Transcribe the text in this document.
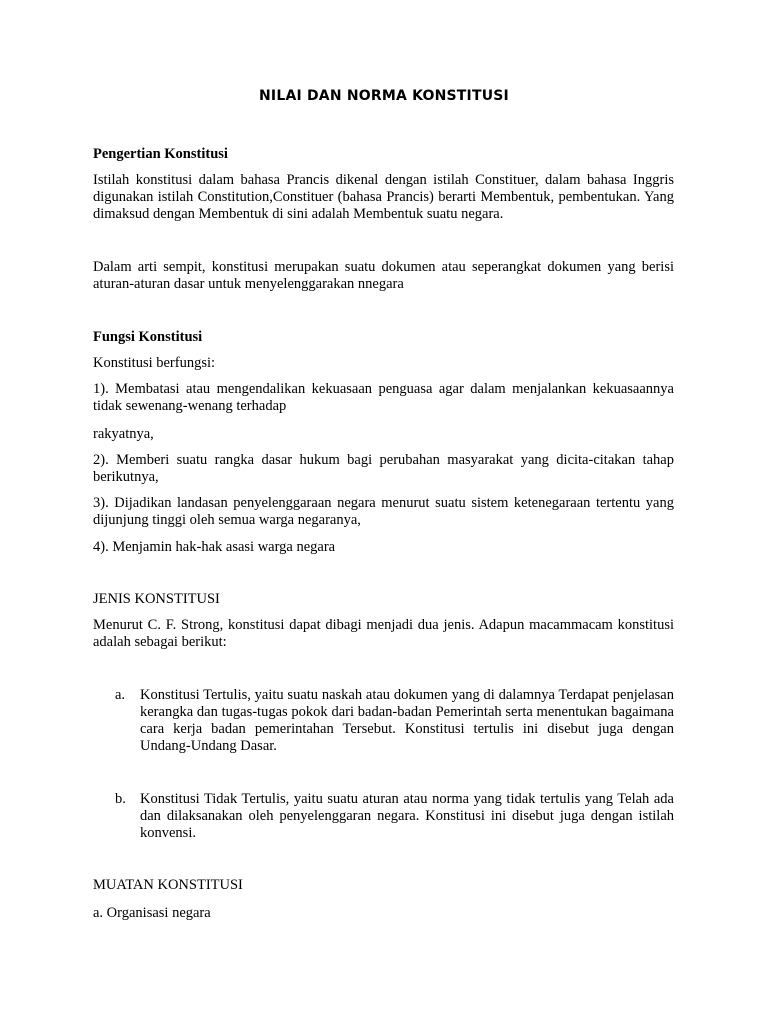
NILAI DAN NORMA KONSTITUSI

Pengertian Konstitusi

Istilah konstitusi dalam bahasa Prancis dikenal dengan istilah Constituer, dalam bahasa Inggris digunakan istilah Constitution,Constituer (bahasa Prancis) berarti Membentuk, pembentukan. Yang dimaksud dengan Membentuk di sini adalah Membentuk suatu negara.

Dalam arti sempit, konstitusi merupakan suatu dokumen atau seperangkat dokumen yang berisi aturan-aturan dasar untuk menyelenggarakan nnegara

Fungsi Konstitusi

Konstitusi berfungsi:

1). Membatasi atau mengendalikan kekuasaan penguasa agar dalam menjalankan kekuasaannya tidak sewenang-wenang terhadap

rakyatnya,

2). Memberi suatu rangka dasar hukum bagi perubahan masyarakat yang dicita-citakan tahap berikutnya,

3). Dijadikan landasan penyelenggaraan negara menurut suatu sistem ketenegaraan tertentu yang dijunjung tinggi oleh semua warga negaranya,

4). Menjamin hak-hak asasi warga negara

JENIS KONSTITUSI

Menurut C. F. Strong, konstitusi dapat dibagi menjadi dua jenis. Adapun macammacam konstitusi adalah sebagai berikut:

a.	Konstitusi Tertulis, yaitu suatu naskah atau dokumen yang di dalamnya Terdapat penjelasan kerangka dan tugas-tugas pokok dari badan-badan Pemerintah serta menentukan bagaimana cara kerja badan pemerintahan Tersebut. Konstitusi tertulis ini disebut juga dengan Undang-Undang Dasar.
b. Konstitusi Tidak Tertulis, yaitu suatu aturan atau norma yang tidak tertulis yang Telah ada dan dilaksanakan oleh penyelenggaran negara. Konstitusi ini disebut juga dengan istilah konvensi.

MUATAN KONSTITUSI

a. Organisasi negara
